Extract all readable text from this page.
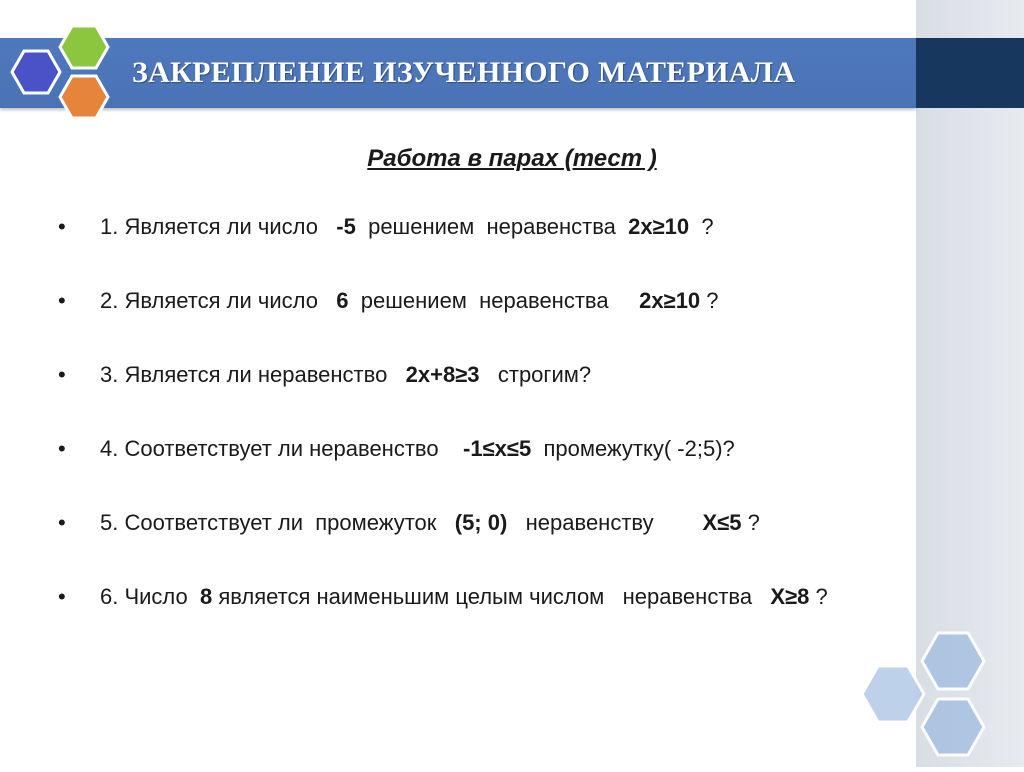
ЗАКРЕПЛЕНИЕ ИЗУЧЕННОГО МАТЕРИАЛА

Работа в парах (тест )

• 1. Является ли число   -5  решением  неравенства  2х≥10  ?
• 2. Является ли число   6  решением  неравенства     2х≥10 ?
• 3. Является ли неравенство   2х+8≥3   строгим?
• 4. Соответствует ли неравенство    -1≤х≤5  промежутку( -2;5)?
• 5. Соответствует ли  промежуток   (5; 0)   неравенству        Х≤5 ?
• 6. Число  8 является наименьшим целым числом   неравенства   Х≥8 ?
